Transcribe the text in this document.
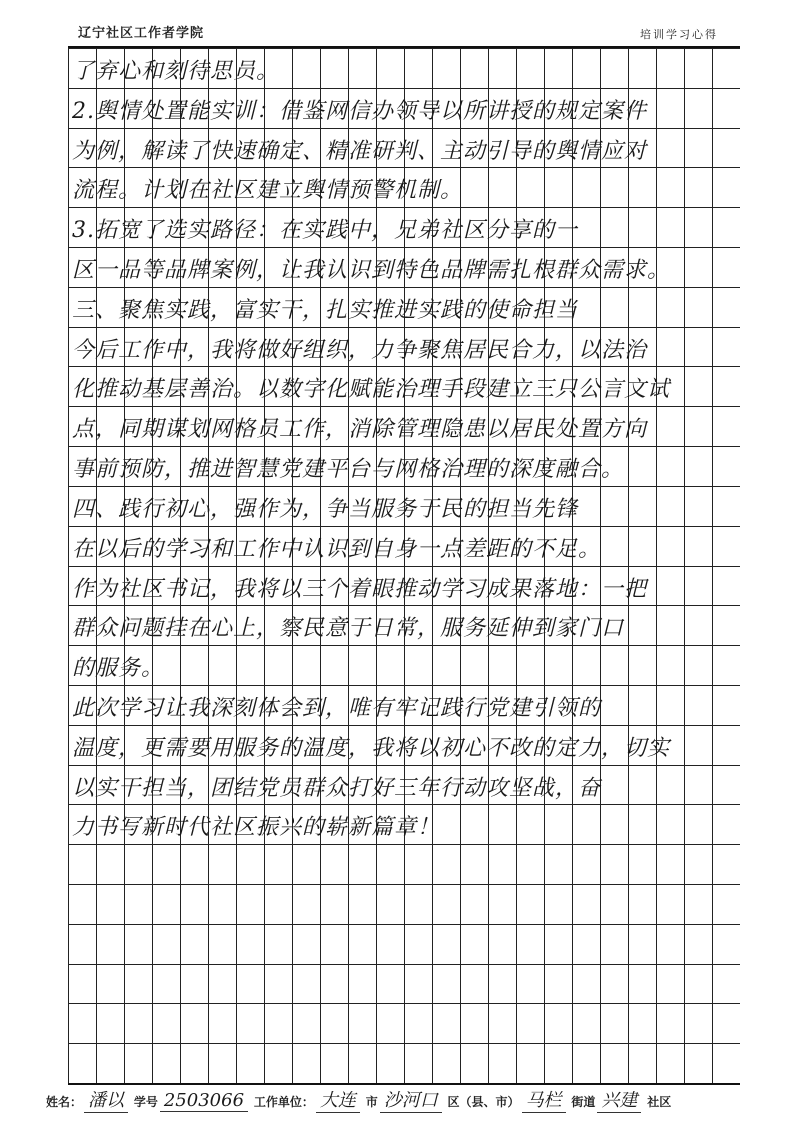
辽宁社区工作者学院	培训学习心得
了弃心和刻待思员。
2.舆情处置能实训：借鉴网信办领导以所讲授的规定案件
为例，解读了快速确定、精准研判、主动引导的舆情应对
流程。计划在社区建立舆情预警机制。
3.拓宽了选实路径：在实践中，兄弟社区分享的一
区一品等品牌案例，让我认识到特色品牌需扎根群众需求。
三、聚焦实践，富实干，扎实推进实践的使命担当
今后工作中，我将做好组织，力争聚焦居民合力，以法治
化推动基层善治。以数字化赋能治理手段建立三只公言文试
点，同期谋划网格员工作，消除管理隐患以居民处置方向
事前预防，推进智慧党建平台与网格治理的深度融合。
四、践行初心，强作为，争当服务于民的担当先锋
在以后的学习和工作中认识到自身一点差距的不足。
作为社区书记，我将以三个着眼推动学习成果落地：一把
群众问题挂在心上，察民意于日常，服务延伸到家门口
的服务。
此次学习让我深刻体会到，唯有牢记践行党建引领的
温度，更需要用服务的温度，我将以初心不改的定力，切实
以实干担当，团结党员群众打好三年行动攻坚战，奋
力书写新时代社区振兴的崭新篇章！
姓名： 潘以 学号 2503066 工作单位： 大连 市 沙河口 区（县、市） 马栏 街道 兴建 社区
